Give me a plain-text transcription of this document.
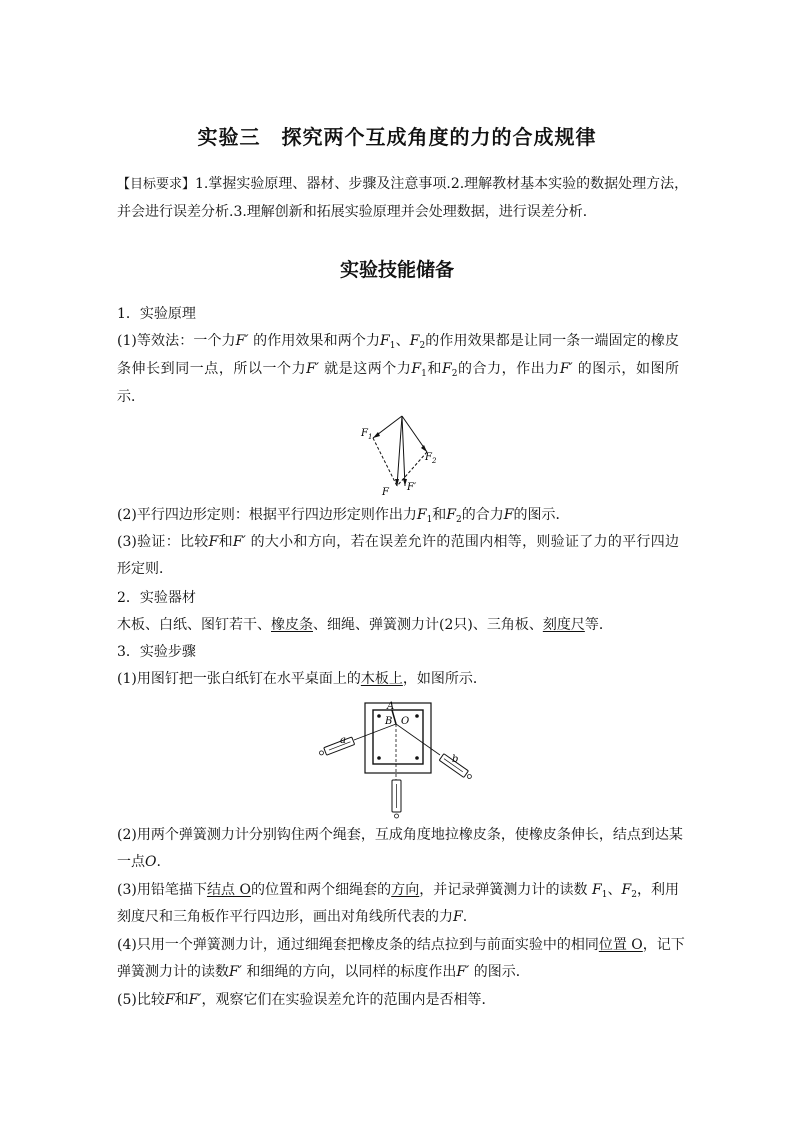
实验三　探究两个互成角度的力的合成规律
【目标要求】1.掌握实验原理、器材、步骤及注意事项.2.理解教材基本实验的数据处理方法，
并会进行误差分析.3.理解创新和拓展实验原理并会处理数据，进行误差分析．
实验技能储备
1．实验原理
(1)等效法：一个力F′ 的作用效果和两个力$F_1$、$F_2$的作用效果都是让同一条一端固定的橡皮
条伸长到同一点，所以一个力F′ 就是这两个力$F_1$和$F_2$的合力，作出力F′ 的图示，如图所
示．
$F_1$
$F_2$
F F′
(2)平行四边形定则：根据平行四边形定则作出力$F_1$和$F_2$的合力F的图示．
(3)验证：比较F和F′ 的大小和方向，若在误差允许的范围内相等，则验证了力的平行四边
形定则．
2．实验器材
木板、白纸、图钉若干、橡皮条、细绳、弹簧测力计(2只)、三角板、刻度尺等．
3．实验步骤
(1)用图钉把一张白纸钉在水平桌面上的木板上，如图所示．
A
B O
a
b
(2)用两个弹簧测力计分别钩住两个绳套，互成角度地拉橡皮条，使橡皮条伸长，结点到达某
一点O.
(3)用铅笔描下结点 O的位置和两个细绳套的方向，并记录弹簧测力计的读数 $F_1$、$F_2$，利用
刻度尺和三角板作平行四边形，画出对角线所代表的力F.
(4)只用一个弹簧测力计，通过细绳套把橡皮条的结点拉到与前面实验中的相同位置 O，记下
弹簧测力计的读数F′ 和细绳的方向，以同样的标度作出F′ 的图示．
(5)比较F和F′，观察它们在实验误差允许的范围内是否相等．
